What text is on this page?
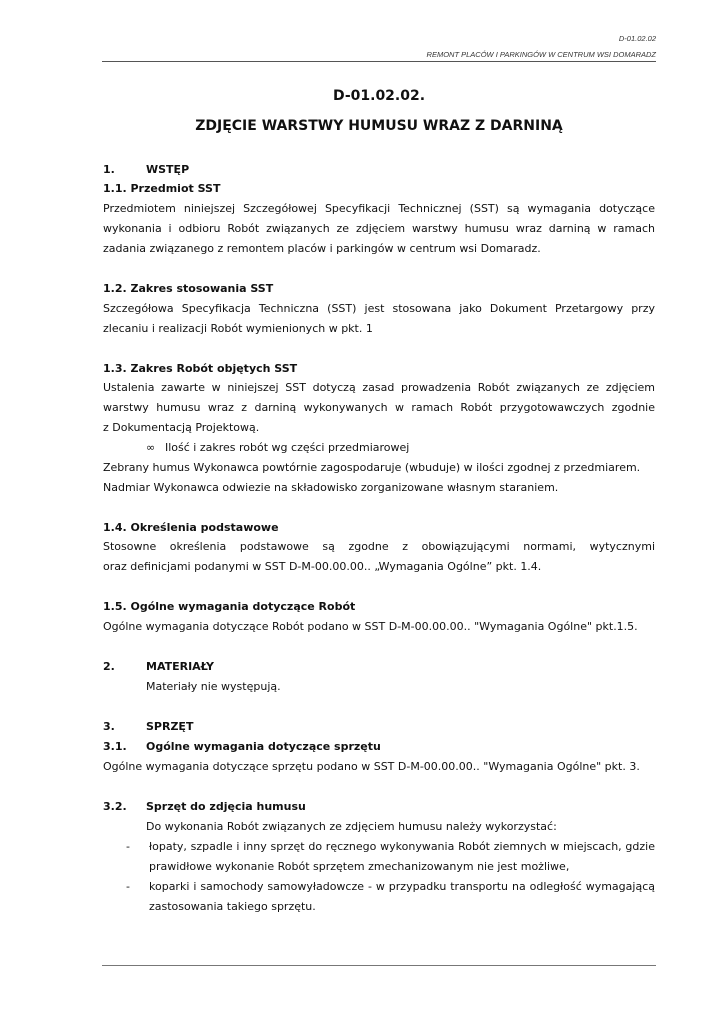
D-01.02.02
REMONT PLACÓW I PARKINGÓW W CENTRUM WSI DOMARADZ
D-01.02.02.
ZDJĘCIE WARSTWY HUMUSU WRAZ Z DARNINĄ
1.	WSTĘP
1.1. Przedmiot SST
Przedmiotem niniejszej Szczegółowej Specyfikacji Technicznej (SST) są wymagania dotyczące
wykonania i odbioru Robót związanych ze zdjęciem warstwy humusu wraz darniną w ramach
zadania związanego z remontem placów i parkingów w centrum wsi Domaradz.
1.2. Zakres stosowania SST
Szczegółowa Specyfikacja Techniczna (SST) jest stosowana jako Dokument Przetargowy przy
zlecaniu i realizacji Robót wymienionych w pkt. 1
1.3. Zakres Robót objętych SST
Ustalenia zawarte w niniejszej SST dotyczą zasad prowadzenia Robót związanych ze zdjęciem
warstwy humusu wraz z darniną wykonywanych w ramach Robót przygotowawczych zgodnie
z Dokumentacją Projektową.
∞ Ilość i zakres robót wg części przedmiarowej
Zebrany humus Wykonawca powtórnie zagospodaruje (wbuduje) w ilości zgodnej z przedmiarem.
Nadmiar Wykonawca odwiezie na składowisko zorganizowane własnym staraniem.
1.4. Określenia podstawowe
Stosowne określenia podstawowe są zgodne z obowiązującymi normami, wytycznymi
oraz definicjami podanymi w SST D-M-00.00.00.. „Wymagania Ogólne” pkt. 1.4.
1.5. Ogólne wymagania dotyczące Robót
Ogólne wymagania dotyczące Robót podano w SST D-M-00.00.00.. "Wymagania Ogólne" pkt.1.5.
2.	MATERIAŁY
Materiały nie występują.
3.	SPRZĘT
3.1. Ogólne wymagania dotyczące sprzętu
Ogólne wymagania dotyczące sprzętu podano w SST D-M-00.00.00.. "Wymagania Ogólne" pkt. 3.
3.2. Sprzęt do zdjęcia humusu
Do wykonania Robót związanych ze zdjęciem humusu należy wykorzystać:
- łopaty, szpadle i inny sprzęt do ręcznego wykonywania Robót ziemnych w miejscach, gdzie
prawidłowe wykonanie Robót sprzętem zmechanizowanym nie jest możliwe,
- koparki i samochody samowyładowcze - w przypadku transportu na odległość wymagającą
zastosowania takiego sprzętu.
